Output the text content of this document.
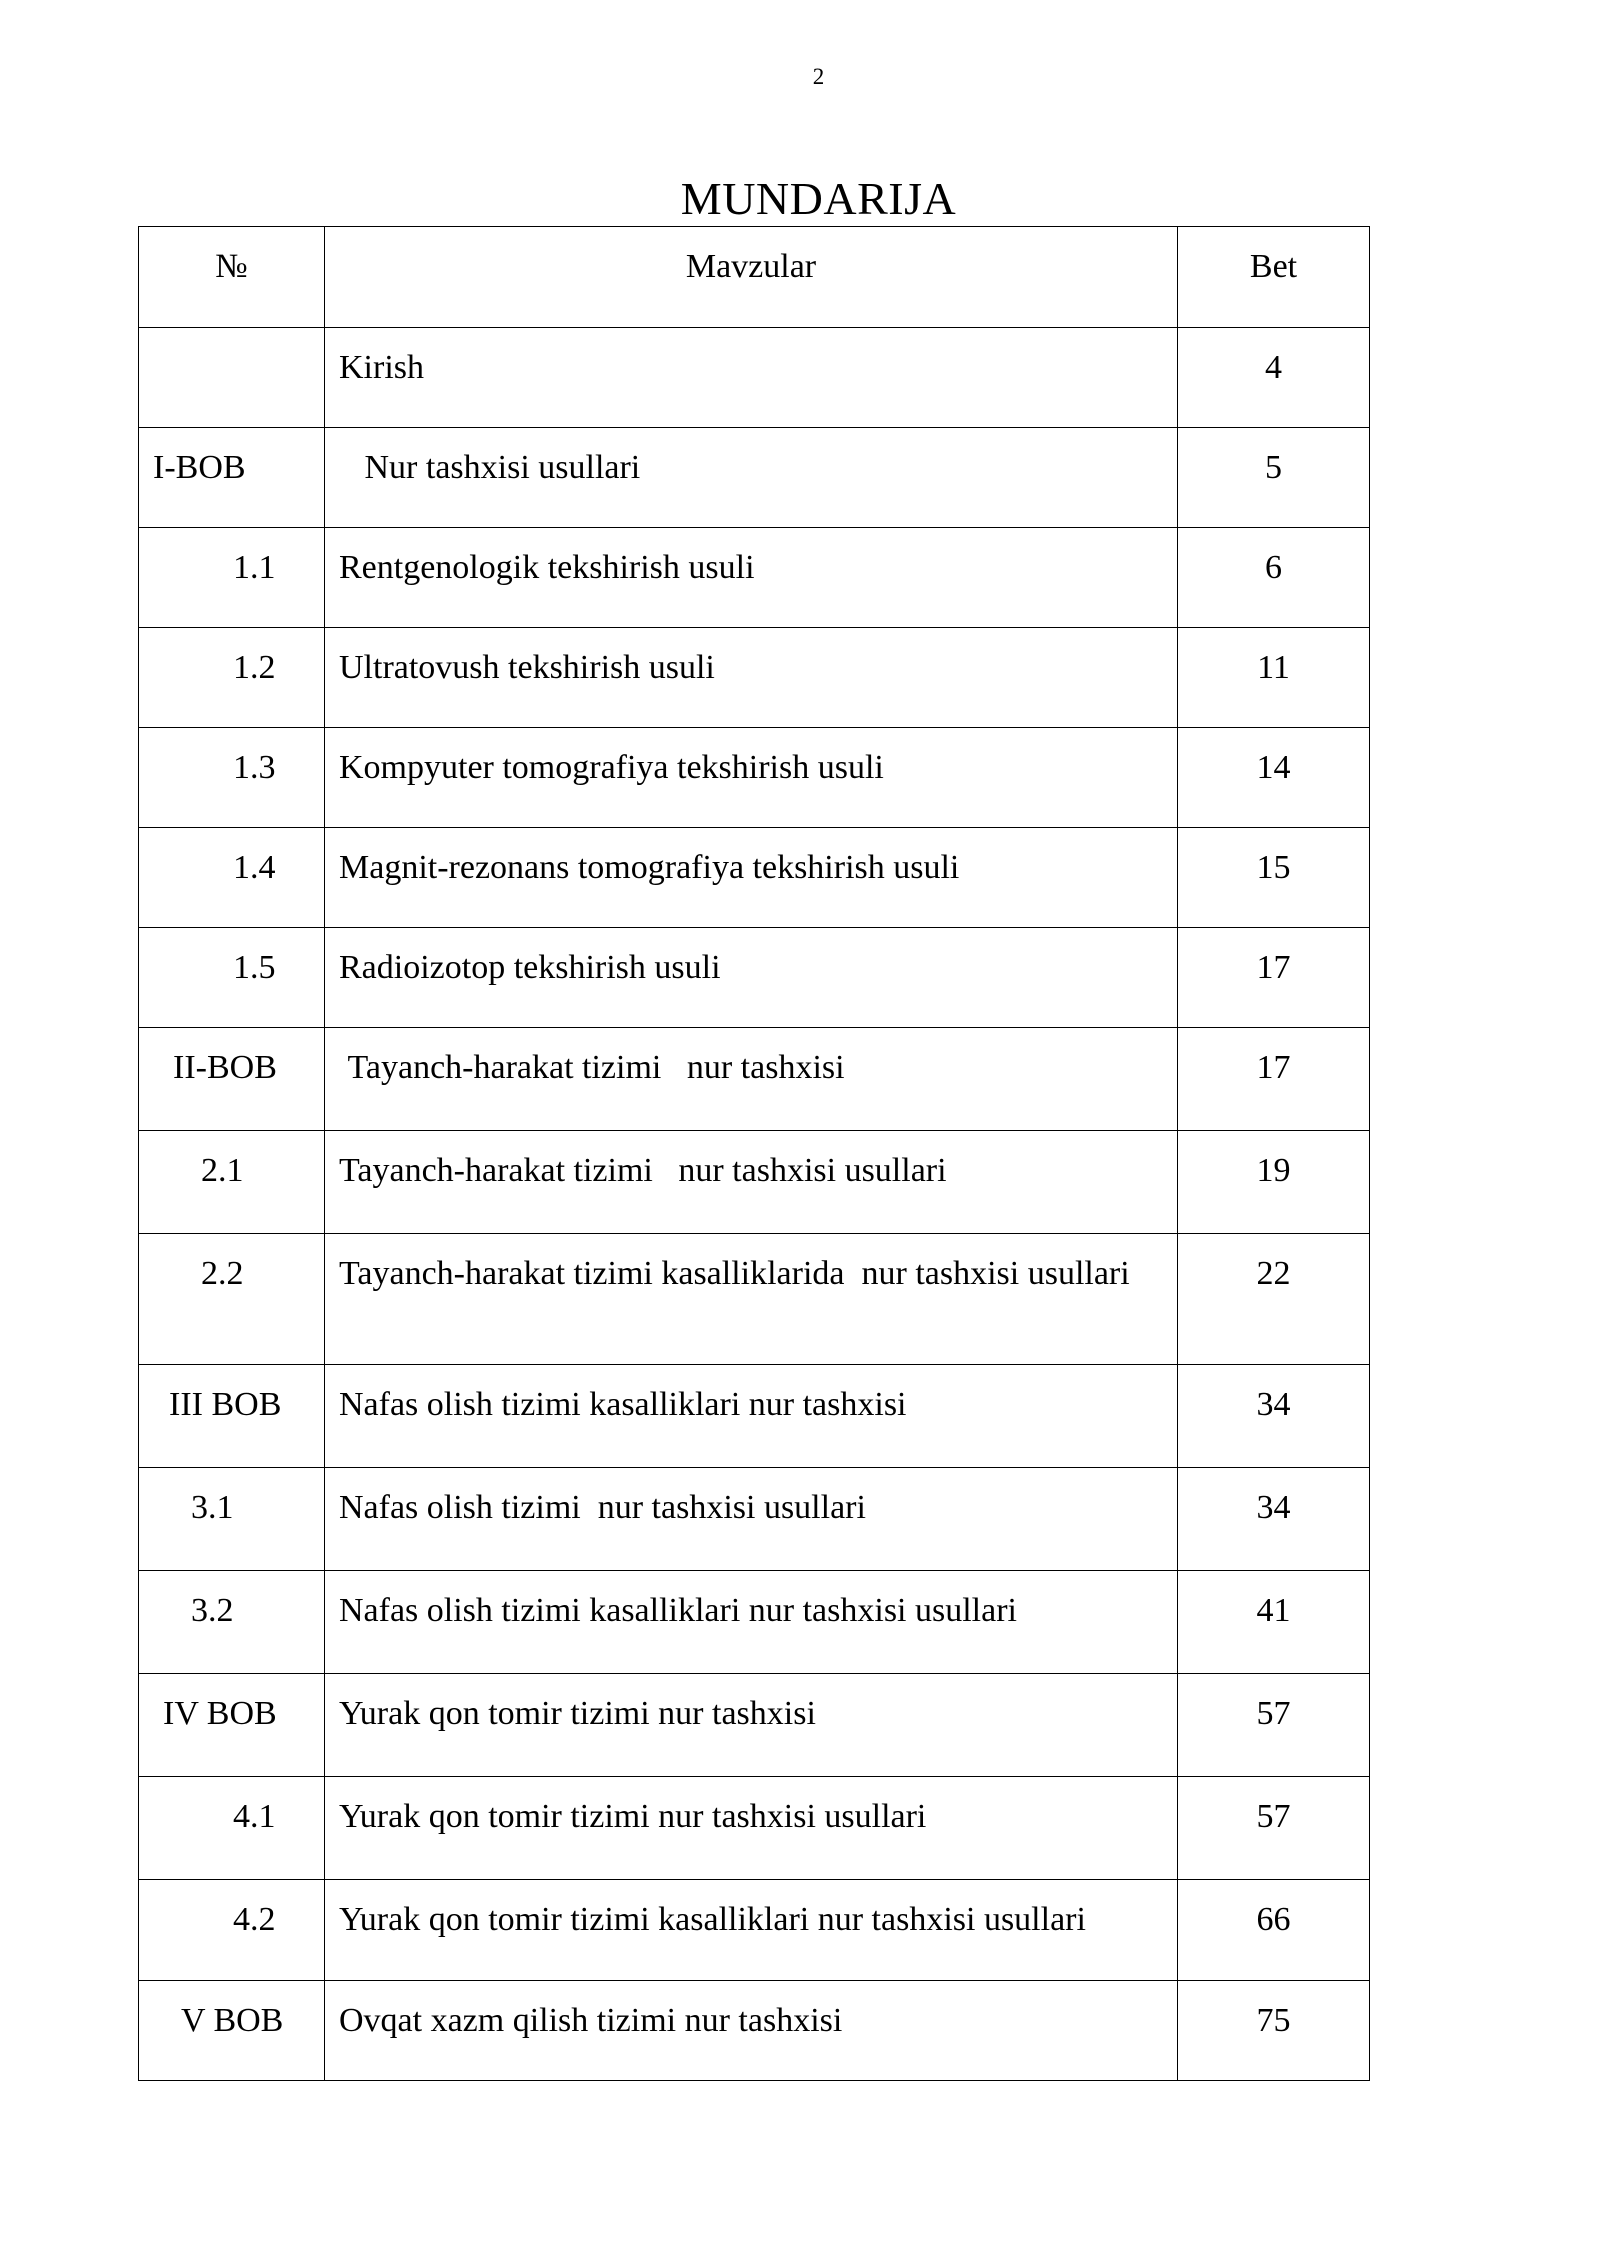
2
MUNDARIJA
№	Mavzular	Bet

	Kirish	4

I-BOB	Nur tashxisi usullari	5

1.1	Rentgenologik tekshirish usuli	6

1.2	Ultratovush tekshirish usuli	11

1.3	Kompyuter tomografiya tekshirish usuli	14

1.4	Magnit-rezonans tomografiya tekshirish usuli	15

1.5	Radioizotop tekshirish usuli	17

II-BOB	Tayanch-harakat tizimi   nur tashxisi	17

2.1	Tayanch-harakat tizimi   nur tashxisi usullari	19

2.2	Tayanch-harakat tizimi kasalliklarida  nur tashxisi usullari	22

III BOB	Nafas olish tizimi kasalliklari nur tashxisi	34

3.1	Nafas olish tizimi  nur tashxisi usullari	34

3.2	Nafas olish tizimi kasalliklari nur tashxisi usullari	41

IV BOB	Yurak qon tomir tizimi nur tashxisi	57

4.1	Yurak qon tomir tizimi nur tashxisi usullari	57

4.2	Yurak qon tomir tizimi kasalliklari nur tashxisi usullari	66

V BOB	Ovqat xazm qilish tizimi nur tashxisi	75
